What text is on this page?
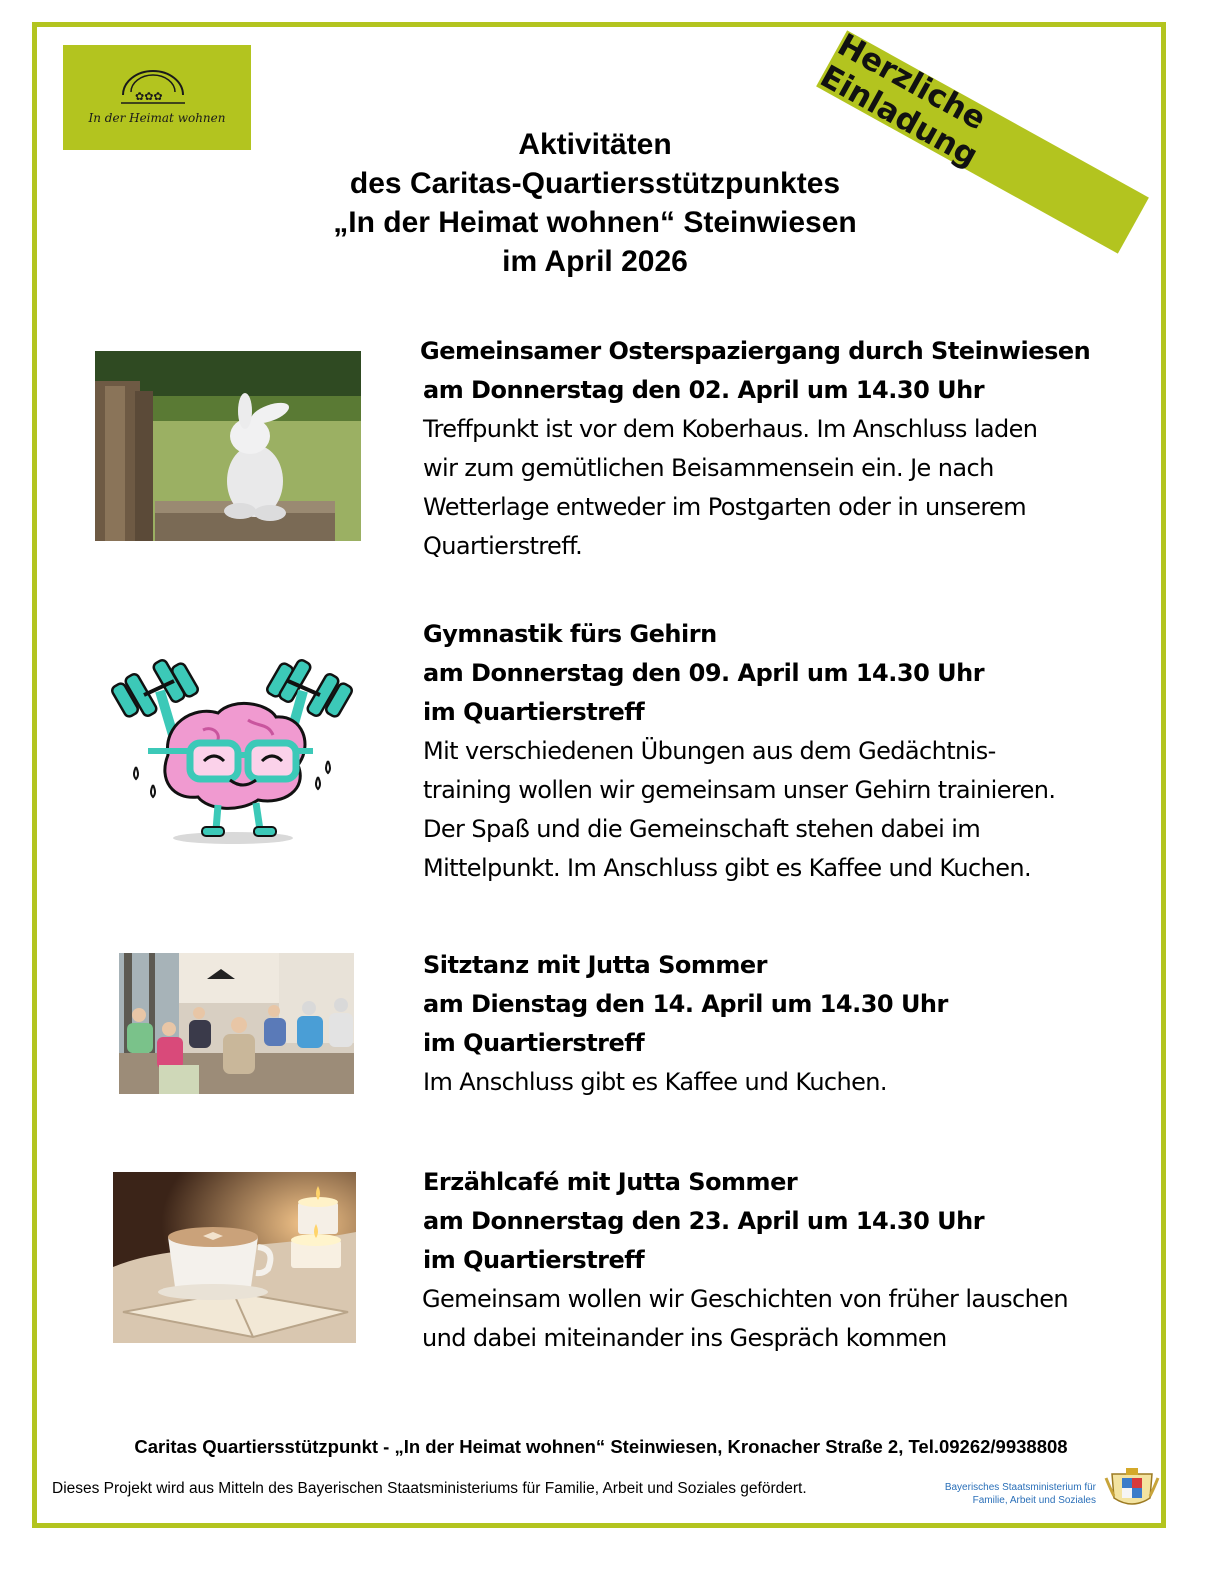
✿✿✿
In der Heimat wohnen	Herzliche Einladung
Aktivitäten
des Caritas-Quartiersstützpunktes
„In der Heimat wohnen“ Steinwiesen
im April 2026
Gemeinsamer Osterspaziergang durch Steinwiesen
am Donnerstag den 02. April um 14.30 Uhr
Treffpunkt ist vor dem Koberhaus. Im Anschluss laden
wir zum gemütlichen Beisammensein ein. Je nach
Wetterlage entweder im Postgarten oder in unserem
Quartierstreff.
Gymnastik fürs Gehirn
am Donnerstag den 09. April um 14.30 Uhr
im Quartierstreff
Mit verschiedenen Übungen aus dem Gedächtnis-
training wollen wir gemeinsam unser Gehirn trainieren.
Der Spaß und die Gemeinschaft stehen dabei im
Mittelpunkt. Im Anschluss gibt es Kaffee und Kuchen.
Sitztanz mit Jutta Sommer
am Dienstag den 14. April um 14.30 Uhr
im Quartierstreff
Im Anschluss gibt es Kaffee und Kuchen.
Erzählcafé mit Jutta Sommer
am Donnerstag den 23. April um 14.30 Uhr
im Quartierstreff
Gemeinsam wollen wir Geschichten von früher lauschen
und dabei miteinander ins Gespräch kommen
Caritas Quartiersstützpunkt - „In der Heimat wohnen“ Steinwiesen, Kronacher Straße 2, Tel.09262/9938808
Dieses Projekt wird aus Mitteln des Bayerischen Staatsministeriums für Familie, Arbeit und Soziales gefördert.	Bayerisches Staatsministerium für
Familie, Arbeit und Soziales
